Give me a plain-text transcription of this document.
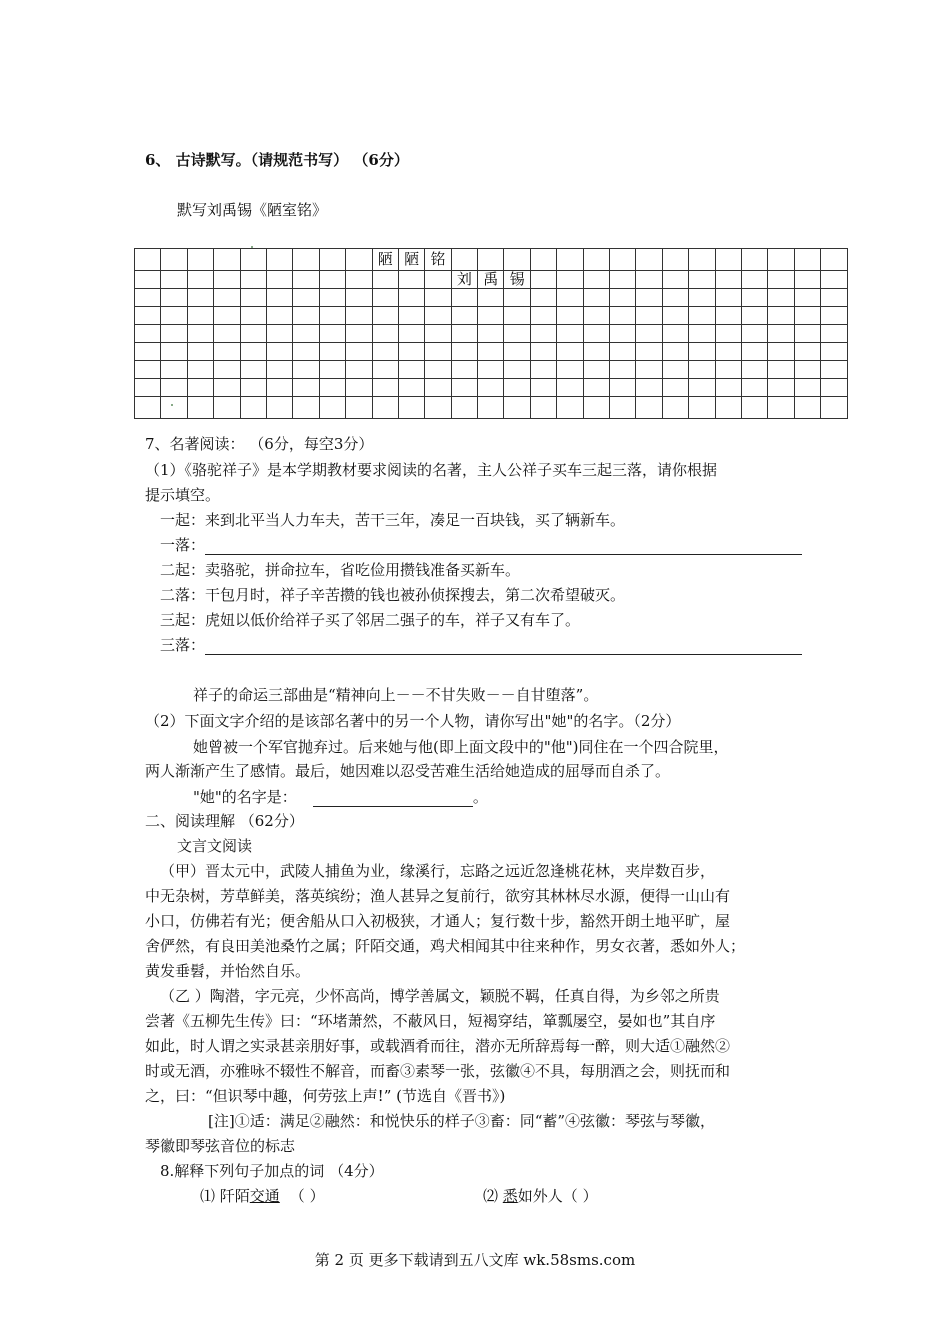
6、 古诗默写。（请规范书写） （6分）
默写刘禹锡《陋室铭》
									陋	陋	铭															
												刘	禹	锡												

7、名著阅读： （6分，每空3分）
（1）《骆驼祥子》是本学期教材要求阅读的名著，主人公祥子买车三起三落，请你根据
提示填空。
一起：来到北平当人力车夫，苦干三年，凑足一百块钱，买了辆新车。
一落：
二起：卖骆驼，拼命拉车，省吃俭用攒钱准备买新车。
二落：干包月时，祥子辛苦攒的钱也被孙侦探搜去，第二次希望破灭。
三起：虎妞以低价给祥子买了邻居二强子的车，祥子又有车了。
三落：
祥子的命运三部曲是“精神向上－－不甘失败－－自甘堕落”。
（2）下面文字介绍的是该部名著中的另一个人物，请你写出"她"的名字。（2分）
她曾被一个军官抛弃过。后来她与他(即上面文段中的"他")同住在一个四合院里，
两人渐渐产生了感情。最后，她因难以忍受苦难生活给她造成的屈辱而自杀了。
"她"的名字是：	。
二、阅读理解 （62分）
文言文阅读
（甲）晋太元中，武陵人捕鱼为业，缘溪行，忘路之远近忽逢桃花林，夹岸数百步，
中无杂树，芳草鲜美，落英缤纷；渔人甚异之复前行，欲穷其林林尽水源，便得一山山有
小口，仿佛若有光；便舍船从口入初极狭，才通人；复行数十步，豁然开朗土地平旷，屋
舍俨然，有良田美池桑竹之属；阡陌交通，鸡犬相闻其中往来种作，男女衣著，悉如外人；
黄发垂髫，并怡然自乐。
（乙 ）陶潜，字元亮，少怀高尚，博学善属文，颖脱不羁，任真自得，为乡邻之所贵
尝著《五柳先生传》曰：“环堵萧然，不蔽风日，短褐穿结，箪瓢屡空，晏如也”其自序
如此，时人谓之实录甚亲朋好事，或载酒肴而往，潜亦无所辞焉每一醉，则大适①融然②
时或无酒，亦雅咏不辍性不解音，而畜③素琴一张，弦徽④不具，每朋酒之会，则抚而和
之，曰：“但识琴中趣，何劳弦上声!” (节选自《晋书》)
[注]①适：满足②融然：和悦快乐的样子③畜：同“蓄”④弦徽：琴弦与琴徽，
琴徽即琴弦音位的标志
8.解释下列句子加点的词 （4分）
⑴ 阡陌交通 （ ）	⑵ 悉如外人（ ）
第 2 页 更多下载请到五八文库 wk.58sms.com
